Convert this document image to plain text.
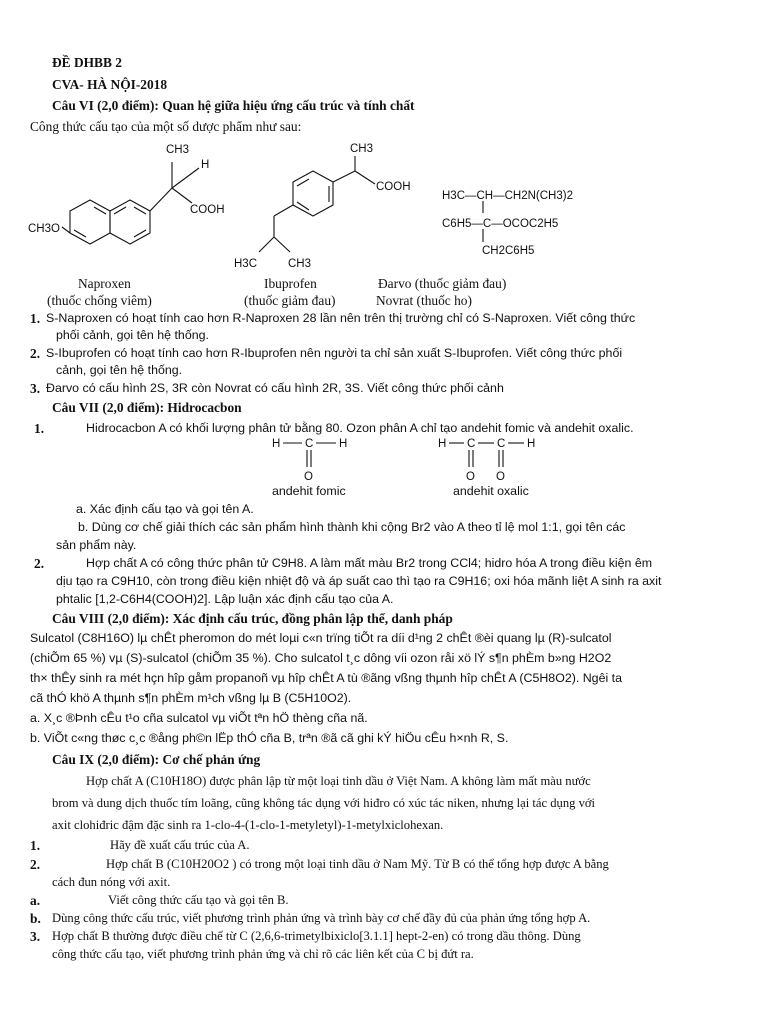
ĐỀ DHBB 2
CVA- HÀ NỘI-2018
Câu VI (2,0 điểm): Quan hệ giữa hiệu ứng cấu trúc và tính chất
Công thức cấu tạo của một số dược phẩm như sau:
CH3
H
COOH
CH3O
CH3
COOH
H3C	CH3
H3C—CH—CH2N(CH3)2
C6H5—C—OCOC2H5
CH2C6H5
Naproxen
(thuốc chống viêm)
Ibuprofen
(thuốc giảm đau)
Đarvo (thuốc giảm đau)
Novrat (thuốc ho)
1. S-Naproxen có hoạt tính cao hơn R-Naproxen 28 lần nên trên thị trường chỉ có S-Naproxen. Viết công thức
phối cảnh, gọi tên hệ thống.
2. S-Ibuprofen có hoạt tính cao hơn R-Ibuprofen nên người ta chỉ sản xuất S-Ibuprofen. Viết công thức phối
cảnh, gọi tên hệ thống.
3. Đarvo có cấu hình 2S, 3R còn Novrat có cấu hình 2R, 3S. Viết công thức phối cảnh
Câu VII (2,0 điểm): Hidrocacbon
1.	Hidrocacbon A có khối lượng phân tử bằng 80. Ozon phân A chỉ tạo andehit fomic và andehit oxalic.
H C H
O
H C C H
O O
andehit fomic	andehit oxalic
a. Xác định cấu tạo và gọi tên A.
b. Dùng cơ chế giải thích các sản phẩm hình thành khi cộng Br2 vào A theo tỉ lệ mol 1:1, gọi tên các
sản phẩm này.
2.	Hợp chất A có công thức phân tử C9H8. A làm mất màu Br2 trong CCl4; hidro hóa A trong điều kiện êm
dịu tạo ra C9H10, còn trong điều kiện nhiệt độ và áp suất cao thì tạo ra C9H16; oxi hóa mãnh liệt A sinh ra axit
phtalic [1,2-C6H4(COOH)2]. Lập luận xác định cấu tạo của A.
Câu VIII (2,0 điểm): Xác định cấu trúc, đồng phân lập thể, danh pháp
Sulcatol (C8H16O) lµ chÊt pheromon do mét loµi c«n trïng tiÕt ra díi d¹ng 2 chÊt ®èi quang lµ (R)-sulcatol
(chiÕm 65 %) vµ (S)-sulcatol (chiÕm 35 %). Cho sulcatol t¸c dông víi ozon råi xö lÝ s¶n phÈm b»ng H2O2
th× thÊy sinh ra mét hçn hîp gåm propanoñ vµ hîp chÊt A tù ®ãng vßng thµnh hîp chÊt A (C5H8O2). Ngêi ta
cã thÓ khö A thµnh s¶n phÈm m¹ch vßng lµ B (C5H10O2).
a. X¸c ®Þnh cÊu t¹o cña sulcatol vµ viÕt tªn hÖ thèng cña nã.
b. ViÕt c«ng thøc c¸c ®ång ph©n lËp thÓ cña B, trªn ®ã cã ghi kÝ hiÖu cÊu h×nh R, S.
Câu IX (2,0 điểm): Cơ chế phản ứng
Hợp chất A (C10H18O) được phân lập từ một loại tinh dầu ở Việt Nam. A không làm mất màu nước
brom và dung dịch thuốc tím loãng, cũng không tác dụng với hiđro có xúc tác niken, nhưng lại tác dụng với
axit clohiđric đậm đặc sinh ra 1-clo-4-(1-clo-1-metyletyl)-1-metylxiclohexan.
1.	Hãy đề xuất cấu trúc của A.
2.	Hợp chất B (C10H20O2 ) có trong một loại tinh dầu ở Nam Mỹ. Từ B có thể tổng hợp được A bằng
cách đun nóng với axit.
a.	Viết công thức cấu tạo và gọi tên B.
b. Dùng công thức cấu trúc, viết phương trình phản ứng và trình bày cơ chế đầy đủ của phản ứng tổng hợp A.
3. Hợp chất B thường được điều chế từ C (2,6,6-trimetylbixiclo[3.1.1] hept-2-en) có trong dầu thông. Dùng
công thức cấu tạo, viết phương trình phản ứng và chỉ rõ các liên kết của C bị đứt ra.
